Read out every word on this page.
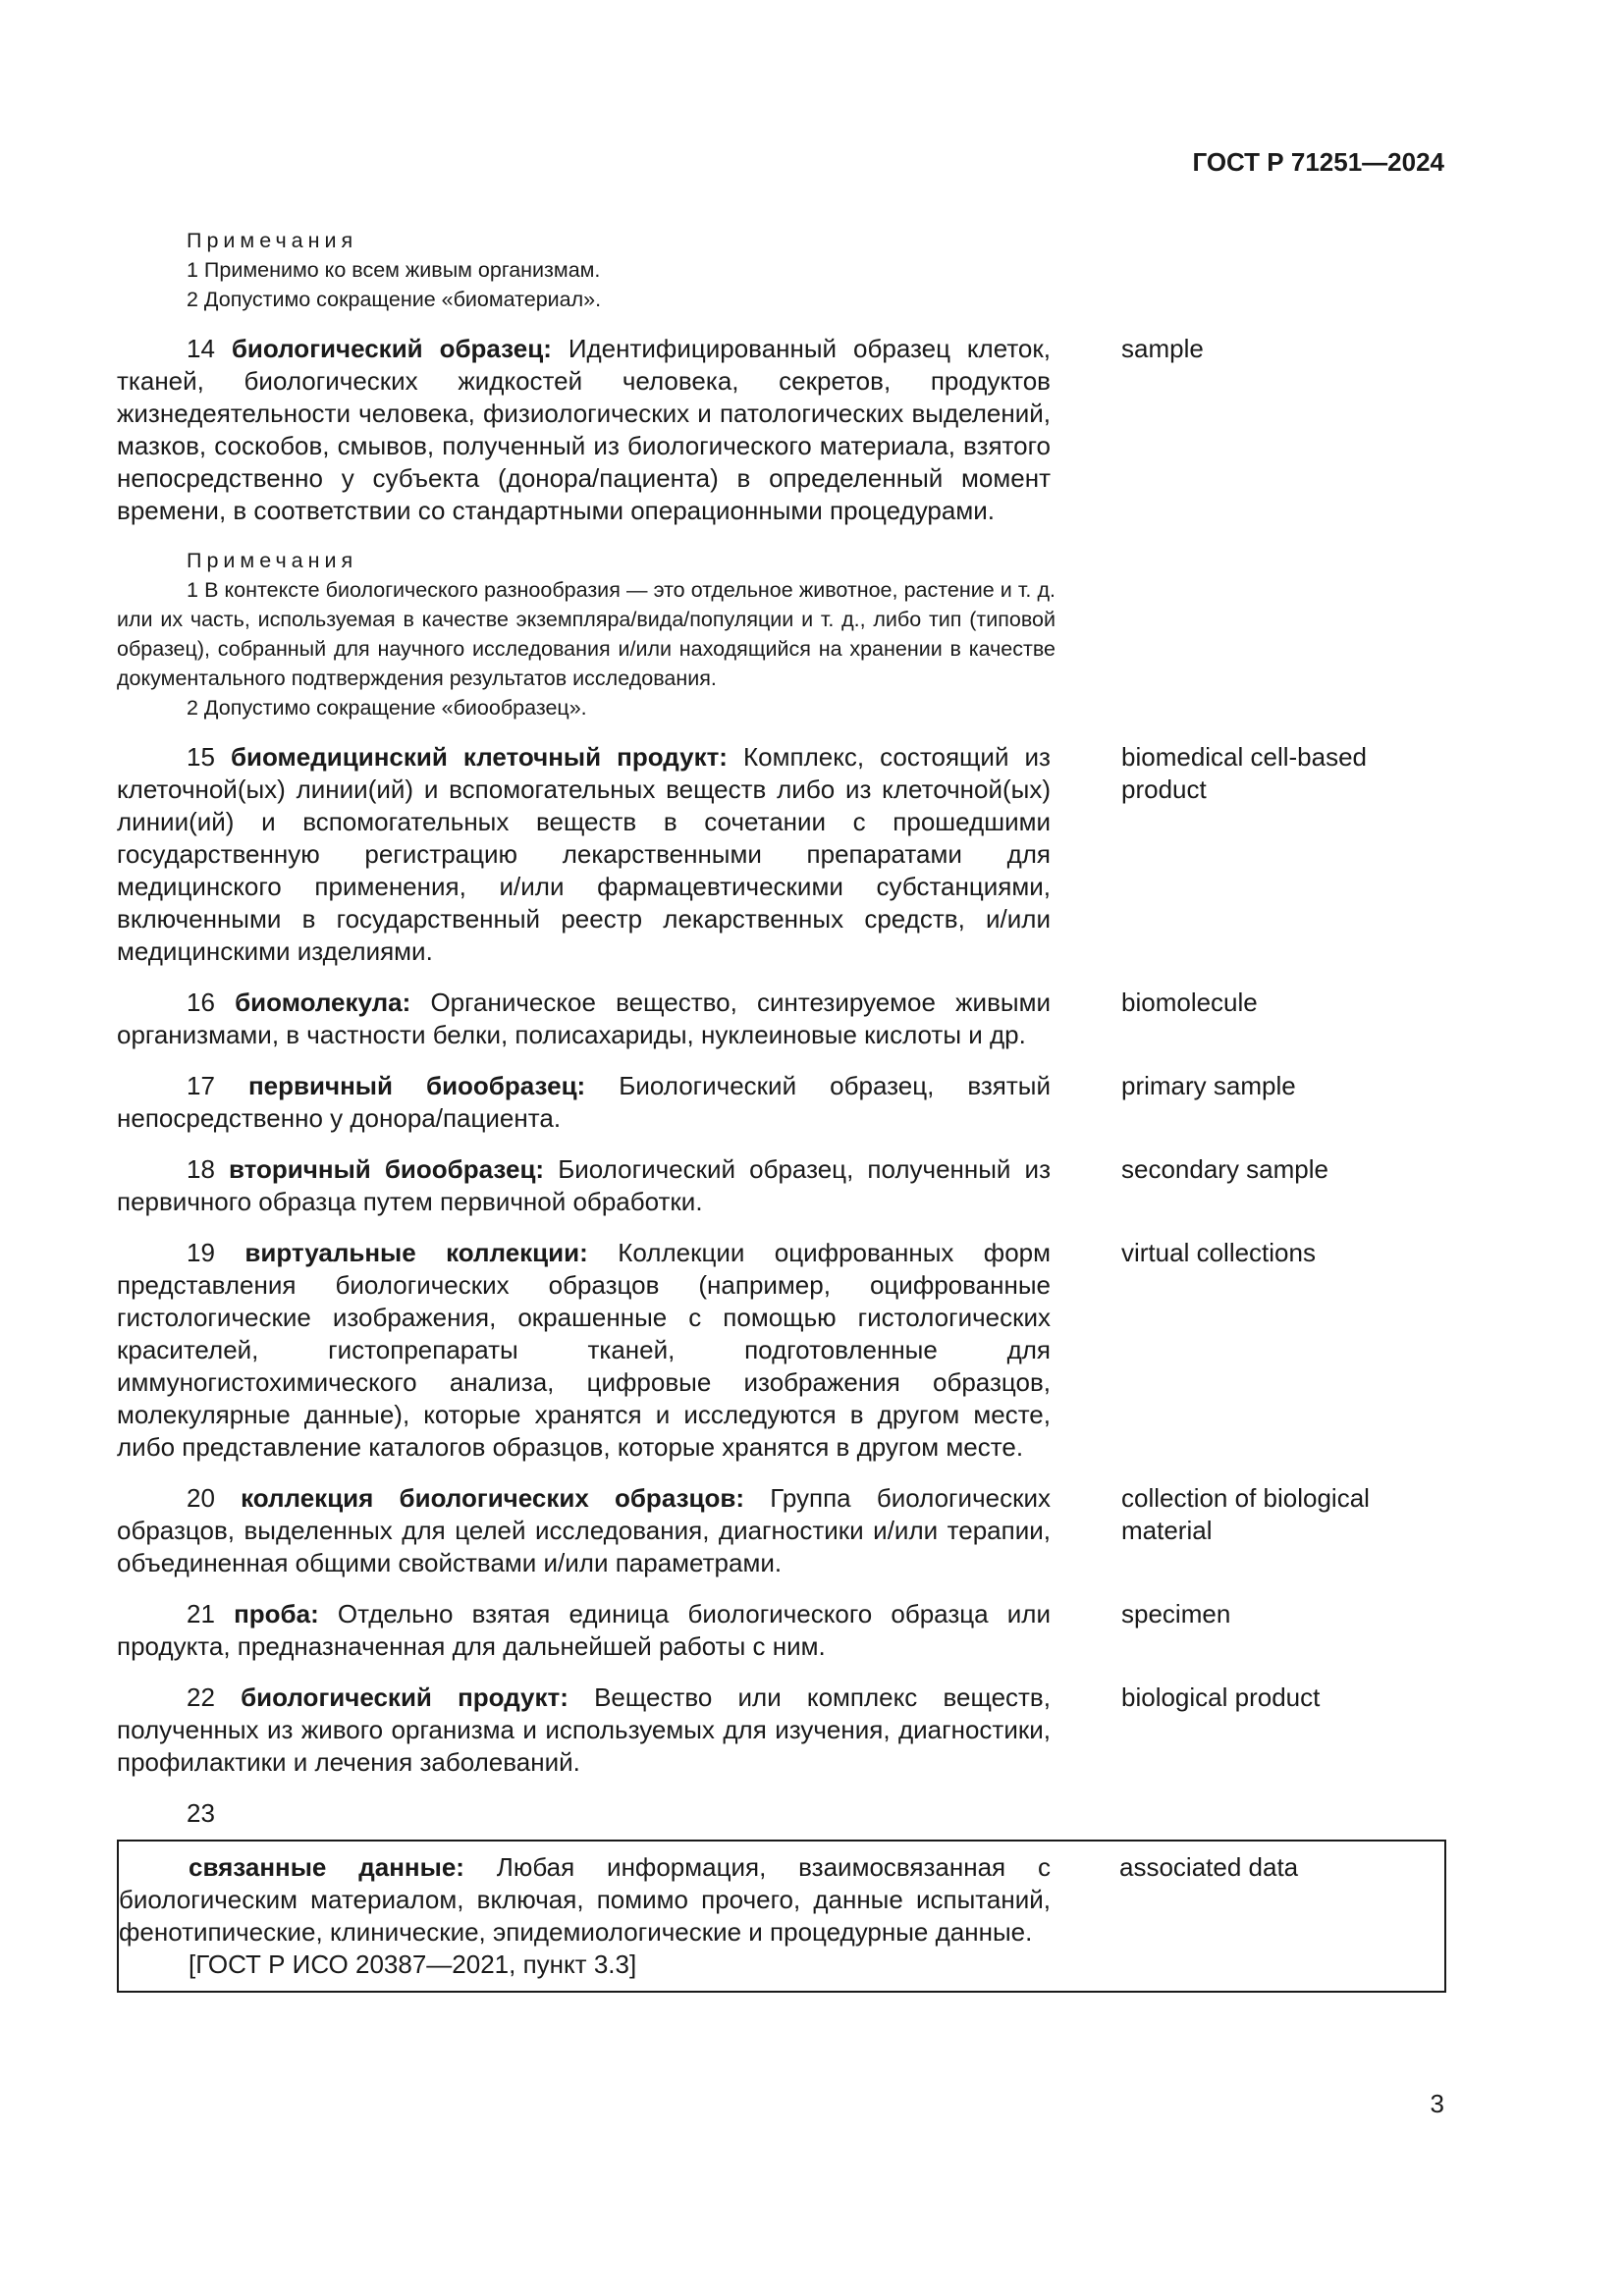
ГОСТ Р 71251—2024
Примечания
1 Применимо ко всем живым организмам.
2 Допустимо сокращение «биоматериал».
14 биологический образец: Идентифицированный образец клеток, тканей, биологических жидкостей человека, секретов, продуктов жизнедеятельности человека, физиологических и патологических выделений, мазков, соскобов, смывов, полученный из биологического материала, взятого непосредственно у субъекта (донора/пациента) в определенный момент времени, в соответствии со стандартными операционными процедурами.
sample
Примечания
1 В контексте биологического разнообразия — это отдельное животное, растение и т. д. или их часть, используемая в качестве экземпляра/вида/популяции и т. д., либо тип (типовой образец), собранный для научного исследования и/или находящийся на хранении в качестве документального подтверждения результатов исследования.
2 Допустимо сокращение «биообразец».
15 биомедицинский клеточный продукт: Комплекс, состоящий из клеточной(ых) линии(ий) и вспомогательных веществ либо из клеточной(ых) линии(ий) и вспомогательных веществ в сочетании с прошедшими государственную регистрацию лекарственными препаратами для медицинского применения, и/или фармацевтическими субстанциями, включенными в государственный реестр лекарственных средств, и/или медицинскими изделиями.
biomedical cell-based product
16 биомолекула: Органическое вещество, синтезируемое живыми организмами, в частности белки, полисахариды, нуклеиновые кислоты и др.
biomolecule
17 первичный биообразец: Биологический образец, взятый непосредственно у донора/пациента.
primary sample
18 вторичный биообразец: Биологический образец, полученный из первичного образца путем первичной обработки.
secondary sample
19 виртуальные коллекции: Коллекции оцифрованных форм представления биологических образцов (например, оцифрованные гистологические изображения, окрашенные с помощью гистологических красителей, гистопрепараты тканей, подготовленные для иммуногистохимического анализа, цифровые изображения образцов, молекулярные данные), которые хранятся и исследуются в другом месте, либо представление каталогов образцов, которые хранятся в другом месте.
virtual collections
20 коллекция биологических образцов: Группа биологических образцов, выделенных для целей исследования, диагностики и/или терапии, объединенная общими свойствами и/или параметрами.
collection of biological material
21 проба: Отдельно взятая единица биологического образца или продукта, предназначенная для дальнейшей работы с ним.
specimen
22 биологический продукт: Вещество или комплекс веществ, полученных из живого организма и используемых для изучения, диагностики, профилактики и лечения заболеваний.
biological product
23
связанные данные: Любая информация, взаимосвязанная с биологическим материалом, включая, помимо прочего, данные испытаний, фенотипические, клинические, эпидемиологические и процедурные данные.
associated data
[ГОСТ Р ИСО 20387—2021, пункт 3.3]
3
